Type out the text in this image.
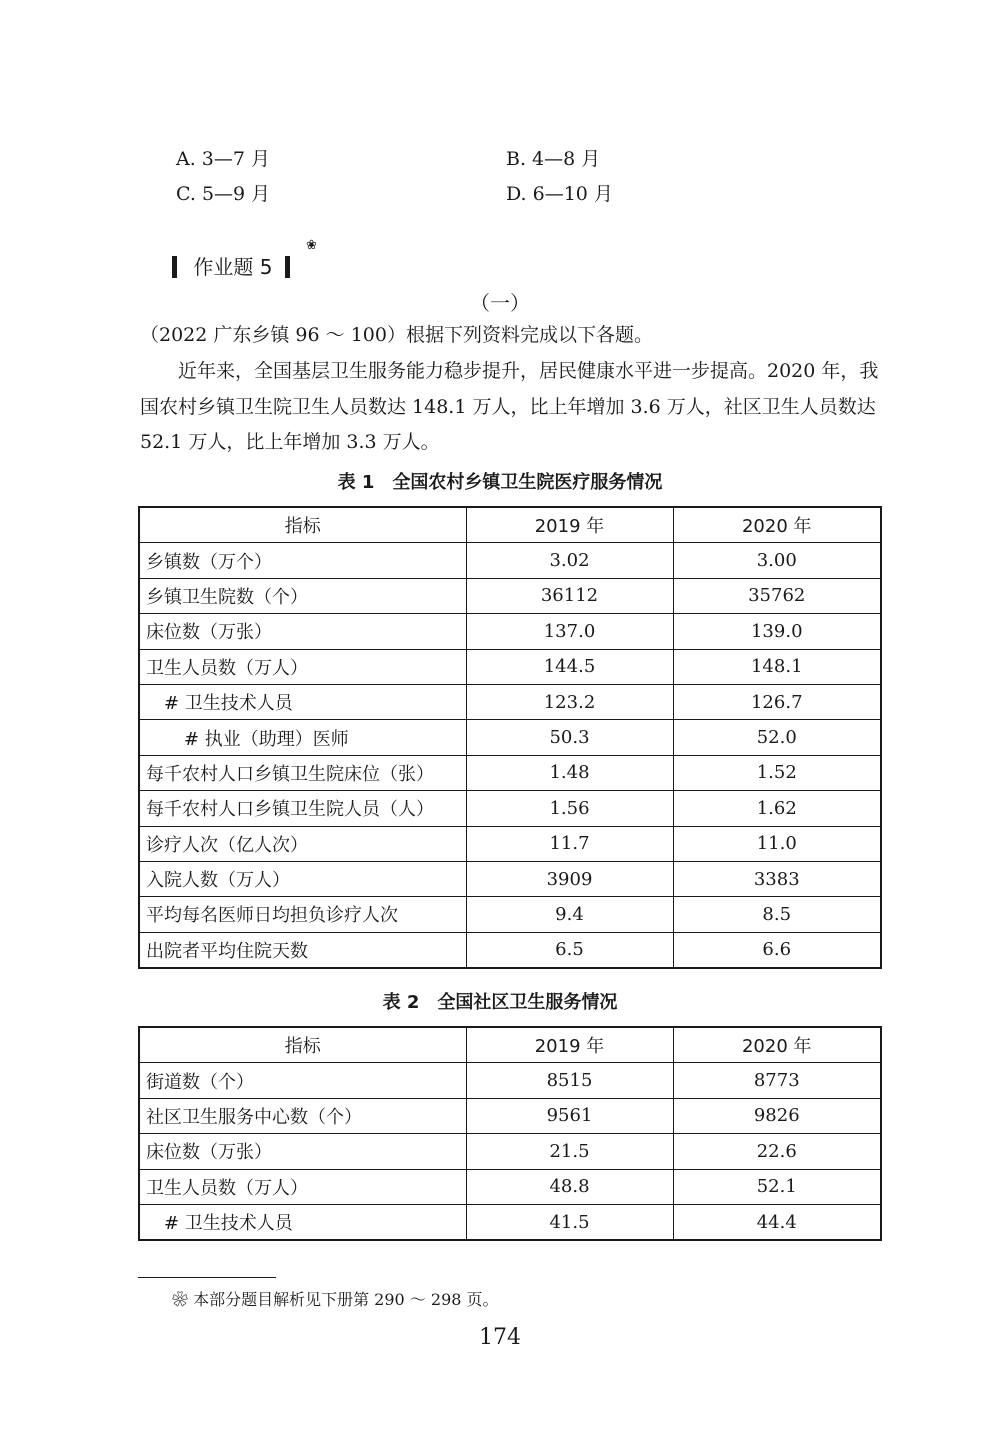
A. 3—7 月	B. 4—8 月
C. 5—9 月	D. 6—10 月
作业题 5
❀
（一）
（2022 广东乡镇 96 ～ 100）根据下列资料完成以下各题。
近年来，全国基层卫生服务能力稳步提升，居民健康水平进一步提高。2020 年，我国农村乡镇卫生院卫生人员数达 148.1 万人，比上年增加 3.6 万人，社区卫生人员数达 52.1 万人，比上年增加 3.3 万人。
表 1　全国农村乡镇卫生院医疗服务情况
指标	2019 年	2020 年
乡镇数（万个）	3.02	3.00
乡镇卫生院数（个）	36112	35762
床位数（万张）	137.0	139.0
卫生人员数（万人）	144.5	148.1
# 卫生技术人员	123.2	126.7
# 执业（助理）医师	50.3	52.0
每千农村人口乡镇卫生院床位（张）	1.48	1.52
每千农村人口乡镇卫生院人员（人）	1.56	1.62
诊疗人次（亿人次）	11.7	11.0
入院人数（万人）	3909	3383
平均每名医师日均担负诊疗人次	9.4	8.5
出院者平均住院天数	6.5	6.6
表 2　全国社区卫生服务情况
指标	2019 年	2020 年
街道数（个）	8515	8773
社区卫生服务中心数（个）	9561	9826
床位数（万张）	21.5	22.6
卫生人员数（万人）	48.8	52.1
# 卫生技术人员	41.5	44.4
❀ 本部分题目解析见下册第 290 ～ 298 页。
174
